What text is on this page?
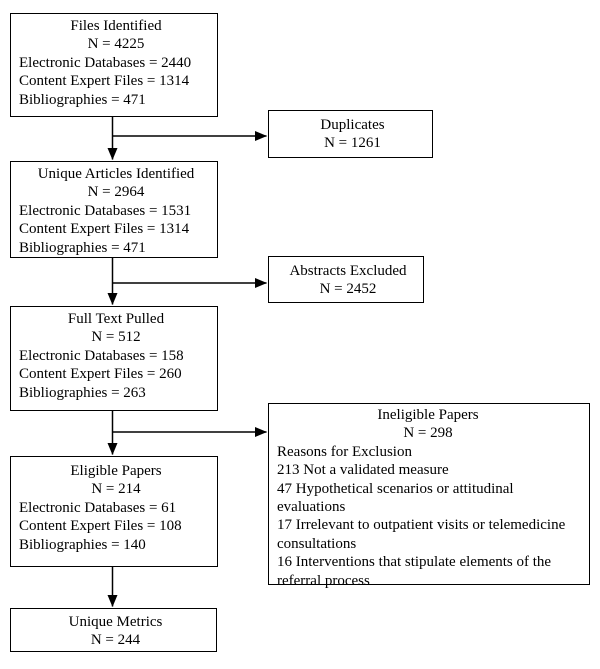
Files Identified
N = 4225
Electronic Databases = 2440
Content Expert Files = 1314
Bibliographies = 471
Duplicates
N = 1261
Unique Articles Identified
N = 2964
Electronic Databases = 1531
Content Expert Files = 1314
Bibliographies = 471
Abstracts Excluded
N = 2452
Full Text Pulled
N = 512
Electronic Databases = 158
Content Expert Files = 260
Bibliographies = 263
Ineligible Papers
N = 298
Reasons for Exclusion
213 Not a validated measure
47 Hypothetical scenarios or attitudinal evaluations
17 Irrelevant to outpatient visits or telemedicine consultations
16 Interventions that stipulate elements of the referral process
Eligible Papers
N = 214
Electronic Databases = 61
Content Expert Files = 108
Bibliographies = 140
Unique Metrics
N = 244
